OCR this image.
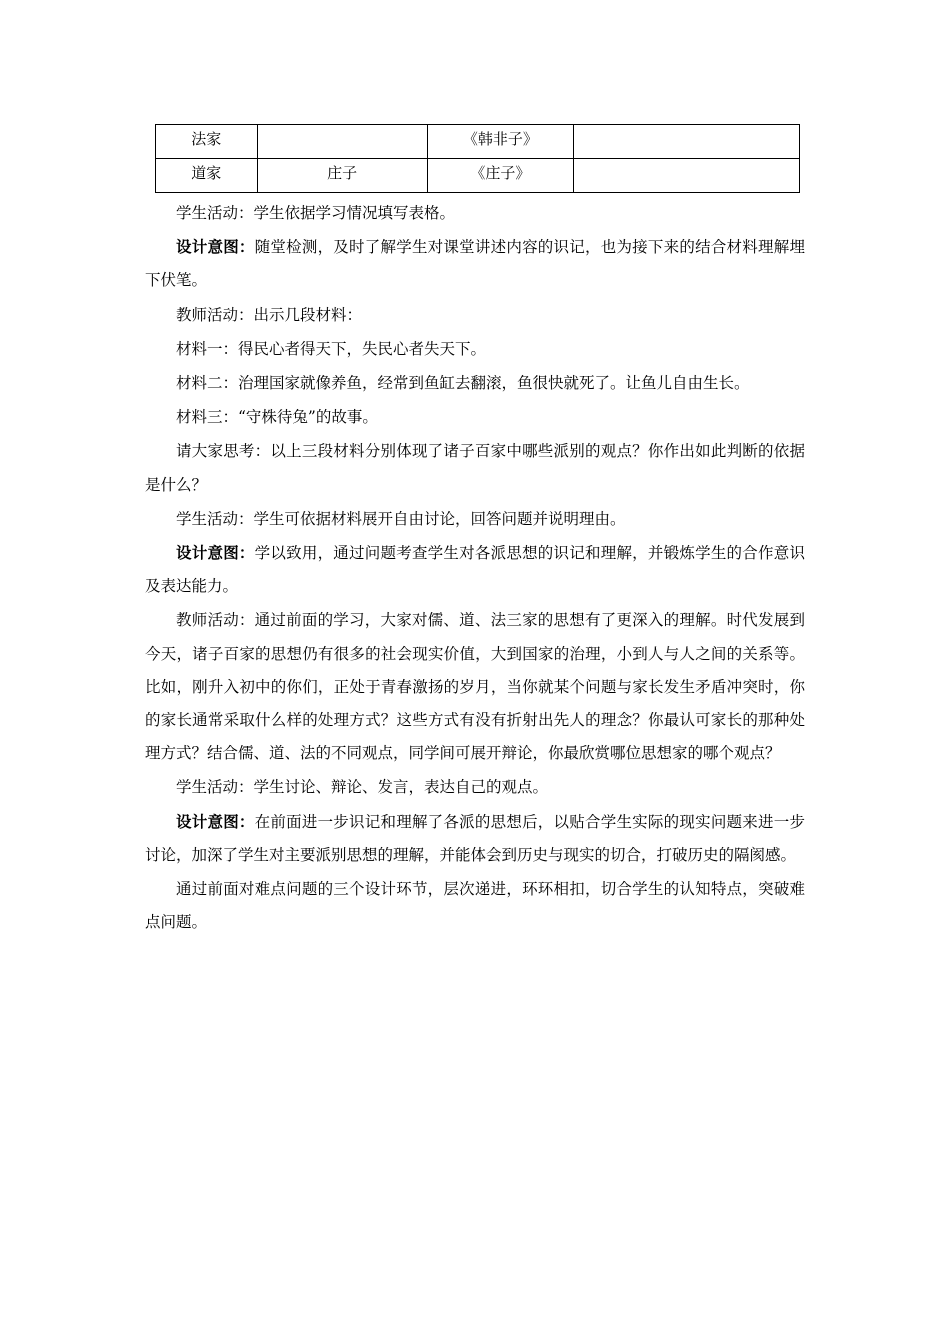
法家		《韩非子》	
道家	庄子	《庄子》	

学生活动：学生依据学习情况填写表格。

设计意图：随堂检测，及时了解学生对课堂讲述内容的识记，也为接下来的结合材料理解埋下伏笔。

教师活动：出示几段材料：

材料一：得民心者得天下，失民心者失天下。

材料二：治理国家就像养鱼，经常到鱼缸去翻滚，鱼很快就死了。让鱼儿自由生长。

材料三：“守株待兔”的故事。

请大家思考：以上三段材料分别体现了诸子百家中哪些派别的观点？你作出如此判断的依据是什么？

学生活动：学生可依据材料展开自由讨论，回答问题并说明理由。

设计意图：学以致用，通过问题考查学生对各派思想的识记和理解，并锻炼学生的合作意识及表达能力。

教师活动：通过前面的学习，大家对儒、道、法三家的思想有了更深入的理解。时代发展到今天，诸子百家的思想仍有很多的社会现实价值，大到国家的治理，小到人与人之间的关系等。比如，刚升入初中的你们，正处于青春激扬的岁月，当你就某个问题与家长发生矛盾冲突时，你的家长通常采取什么样的处理方式？这些方式有没有折射出先人的理念？你最认可家长的那种处理方式？结合儒、道、法的不同观点，同学间可展开辩论，你最欣赏哪位思想家的哪个观点？

学生活动：学生讨论、辩论、发言，表达自己的观点。

设计意图：在前面进一步识记和理解了各派的思想后，以贴合学生实际的现实问题来进一步讨论，加深了学生对主要派别思想的理解，并能体会到历史与现实的切合，打破历史的隔阂感。

通过前面对难点问题的三个设计环节，层次递进，环环相扣，切合学生的认知特点，突破难点问题。
